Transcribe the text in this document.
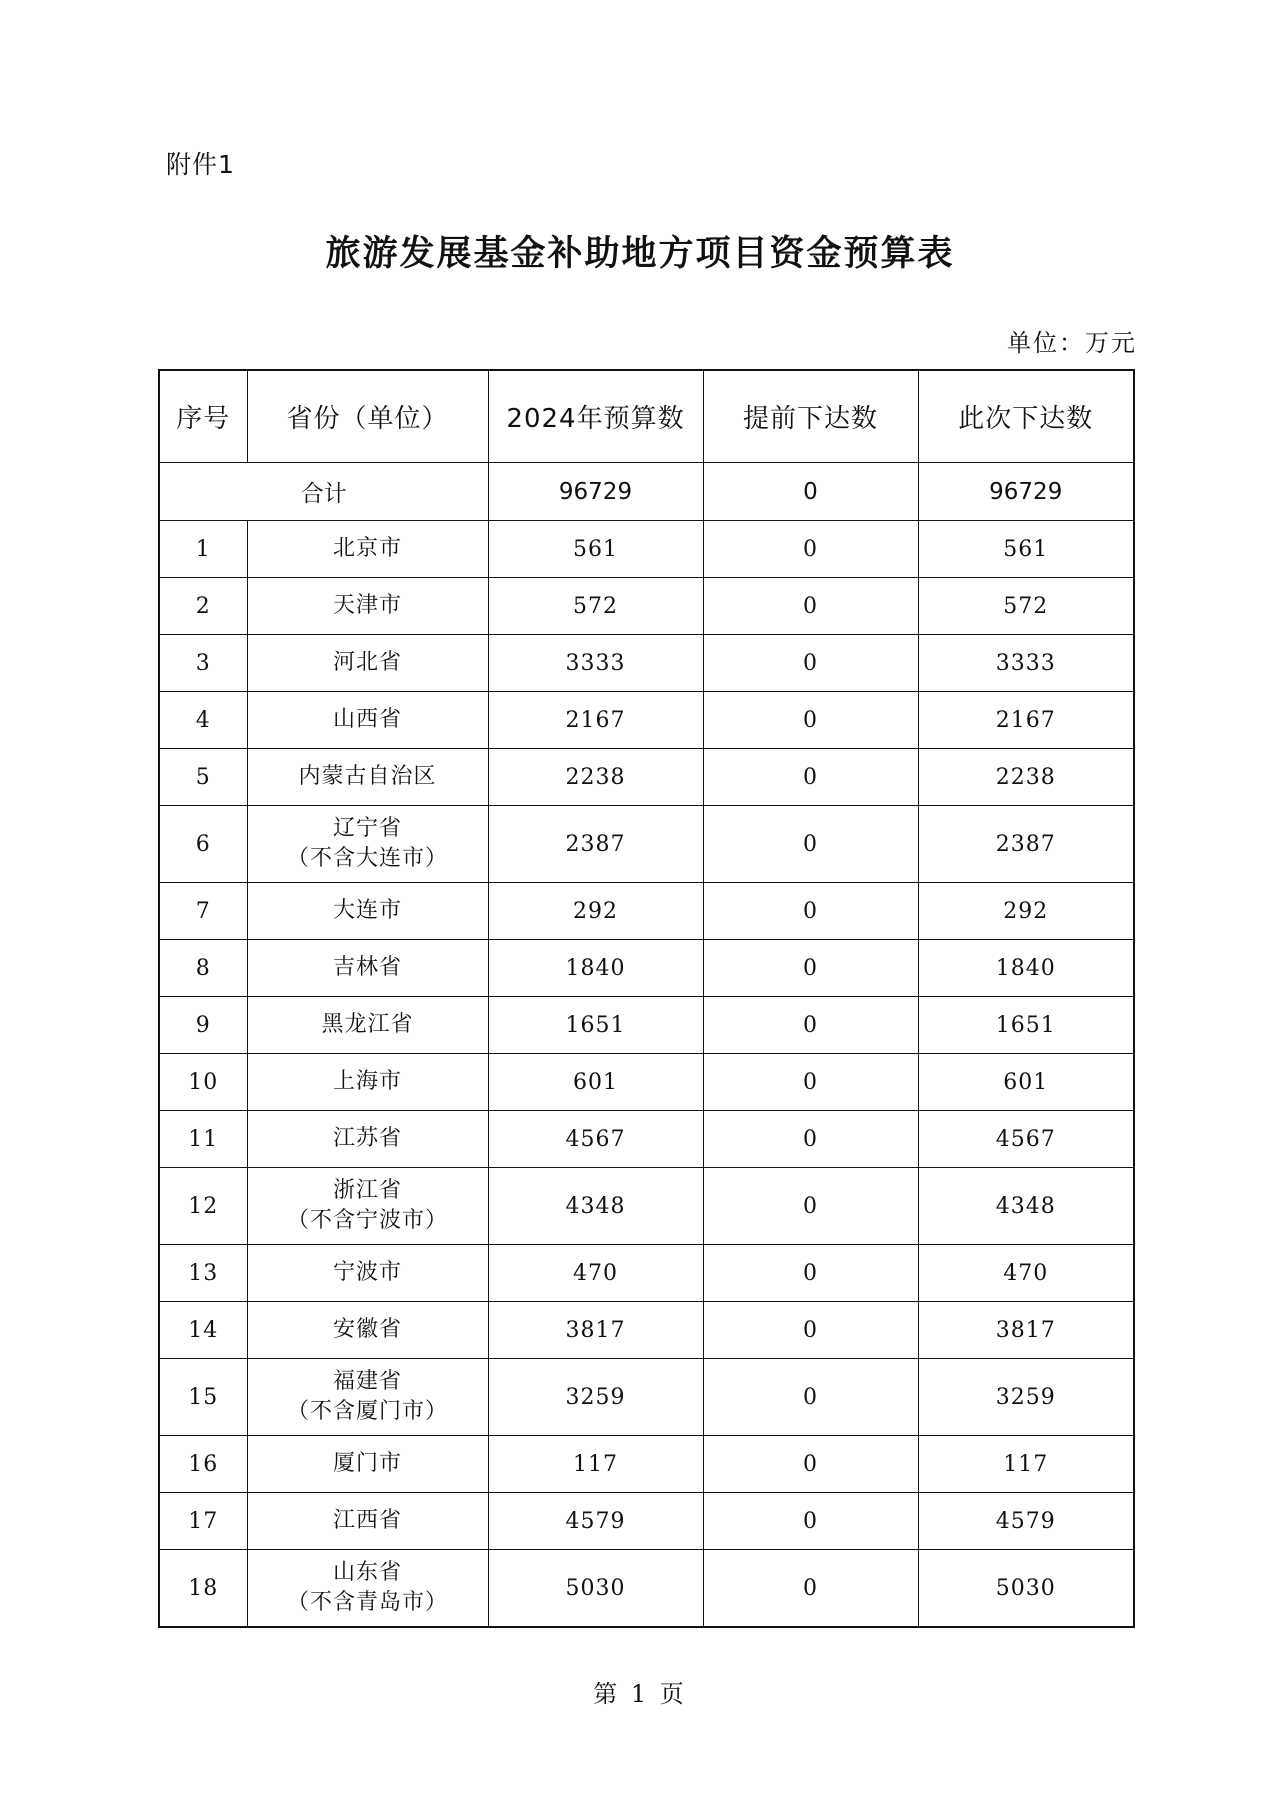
附件1
旅游发展基金补助地方项目资金预算表
单位：万元
序号	省份（单位）	2024年预算数	提前下达数	此次下达数
合计		96729	0	96729
1	北京市	561	0	561
2	天津市	572	0	572
3	河北省	3333	0	3333
4	山西省	2167	0	2167
5	内蒙古自治区	2238	0	2238
6	辽宁省
（不含大连市）	2387	0	2387
7	大连市	292	0	292
8	吉林省	1840	0	1840
9	黑龙江省	1651	0	1651
10	上海市	601	0	601
11	江苏省	4567	0	4567
12	浙江省
（不含宁波市）	4348	0	4348
13	宁波市	470	0	470
14	安徽省	3817	0	3817
15	福建省
（不含厦门市）	3259	0	3259
16	厦门市	117	0	117
17	江西省	4579	0	4579
18	山东省
（不含青岛市）	5030	0	5030
第 1 页
